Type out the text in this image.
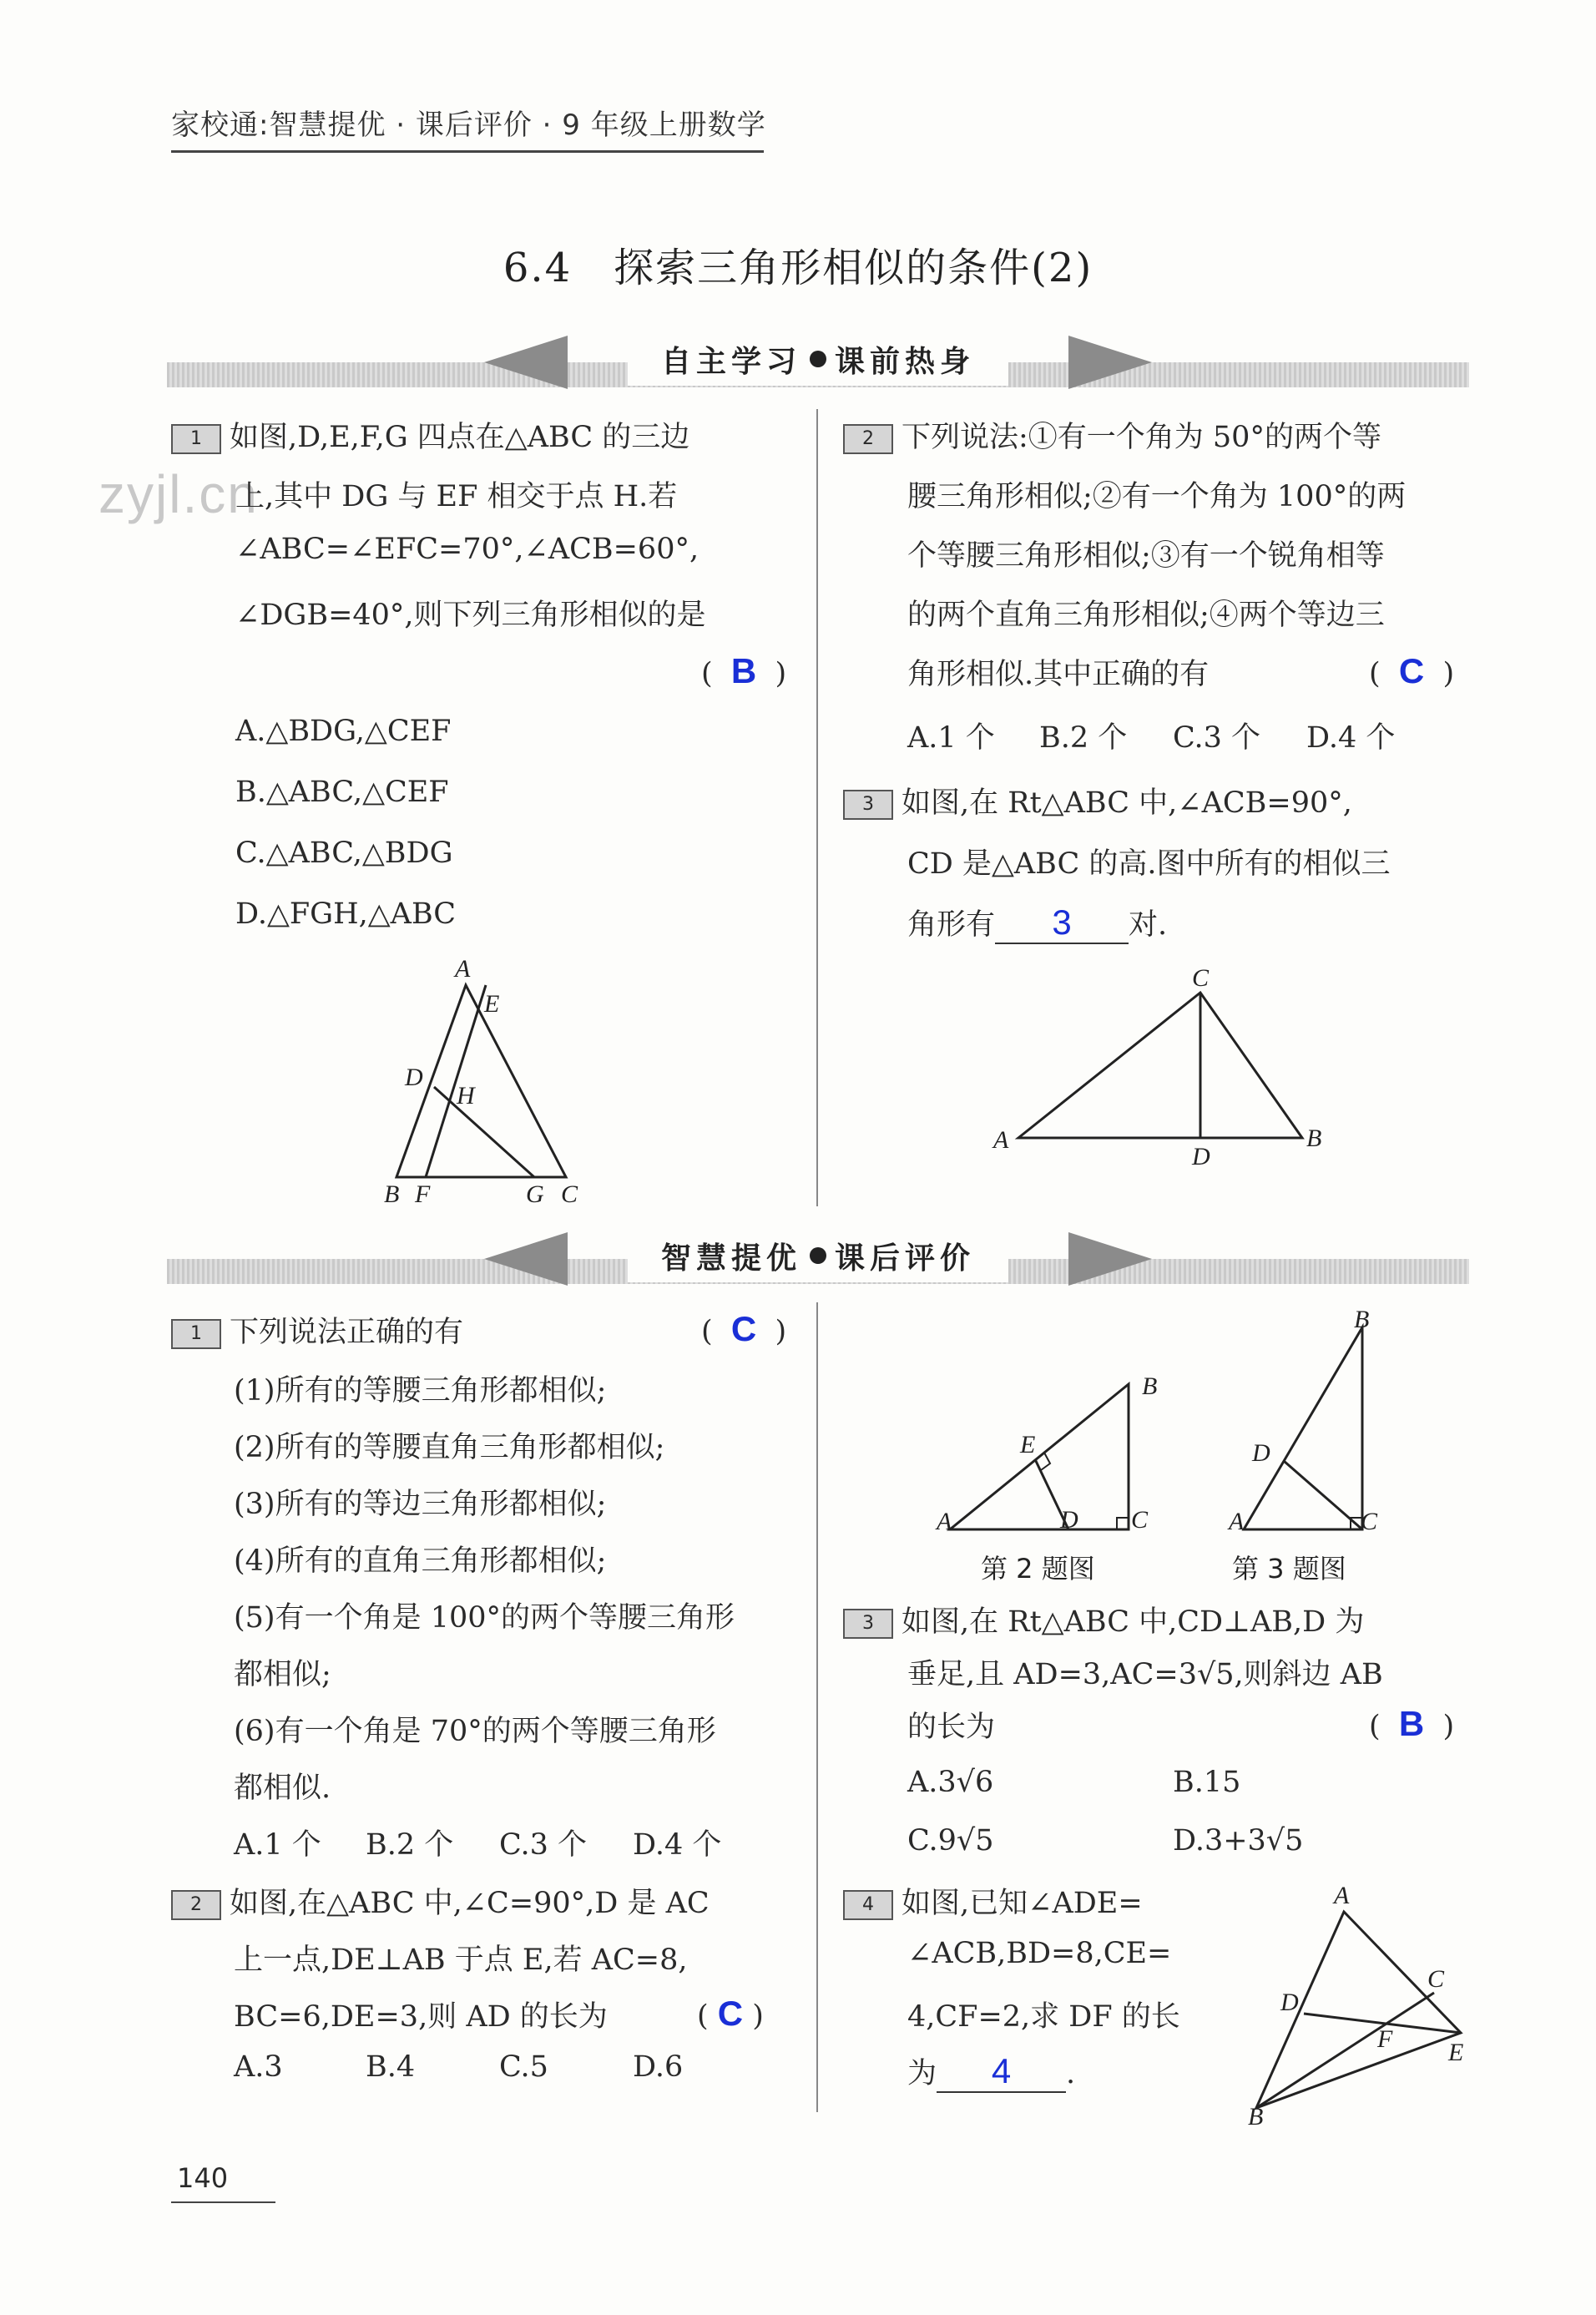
家校通:智慧提优 · 课后评价 · 9 年级上册数学
zyjl.cn
6.4 探索三角形相似的条件(2)
自主学习 课前热身
1 如图,D,E,F,G 四点在△ABC 的三边
上,其中 DG 与 EF 相交于点 H.若
∠ABC=∠EFC=70°,∠ACB=60°,
∠DGB=40°,则下列三角形相似的是
(  B  )
A.△BDG,△CEF
B.△ABC,△CEF
C.△ABC,△BDG
D.△FGH,△ABC
A
E
D
H
B F	G C
2 下列说法:①有一个角为 50°的两个等
腰三角形相似;②有一个角为 100°的两
个等腰三角形相似;③有一个锐角相等
的两个直角三角形相似;④两个等边三
角形相似.其中正确的有	(  C  )
A.1 个 B.2 个 C.3 个 D.4 个
3 如图,在 Rt△ABC 中,∠ACB=90°,
CD 是△ABC 的高.图中所有的相似三
角形有 3 对.
C
A
D
B
智慧提优 课后评价
1 下列说法正确的有	(  C  )
(1)所有的等腰三角形都相似;
(2)所有的等腰直角三角形都相似;
(3)所有的等边三角形都相似;
(4)所有的直角三角形都相似;
(5)有一个角是 100°的两个等腰三角形
都相似;
(6)有一个角是 70°的两个等腰三角形
都相似.
A.1 个 B.2 个 C.3 个 D.4 个
2 如图,在△ABC 中,∠C=90°,D 是 AC
上一点,DE⊥AB 于点 E,若 AC=8,
BC=6,DE=3,则 AD 的长为	( C )
A.3	B.4	C.5	D.6
B
E
A	D C
第 2 题图
B
D
A	C
第 3 题图
3 如图,在 Rt△ABC 中,CD⊥AB,D 为
垂足,且 AD=3,AC=3√5,则斜边 AB
的长为	(  B  )
A.3√6	B.15
C.9√5	D.3+3√5
4 如图,已知∠ADE=
∠ACB,BD=8,CE=
4,CF=2,求 DF 的长
为 4 .
A
C
D
F E
B
140
